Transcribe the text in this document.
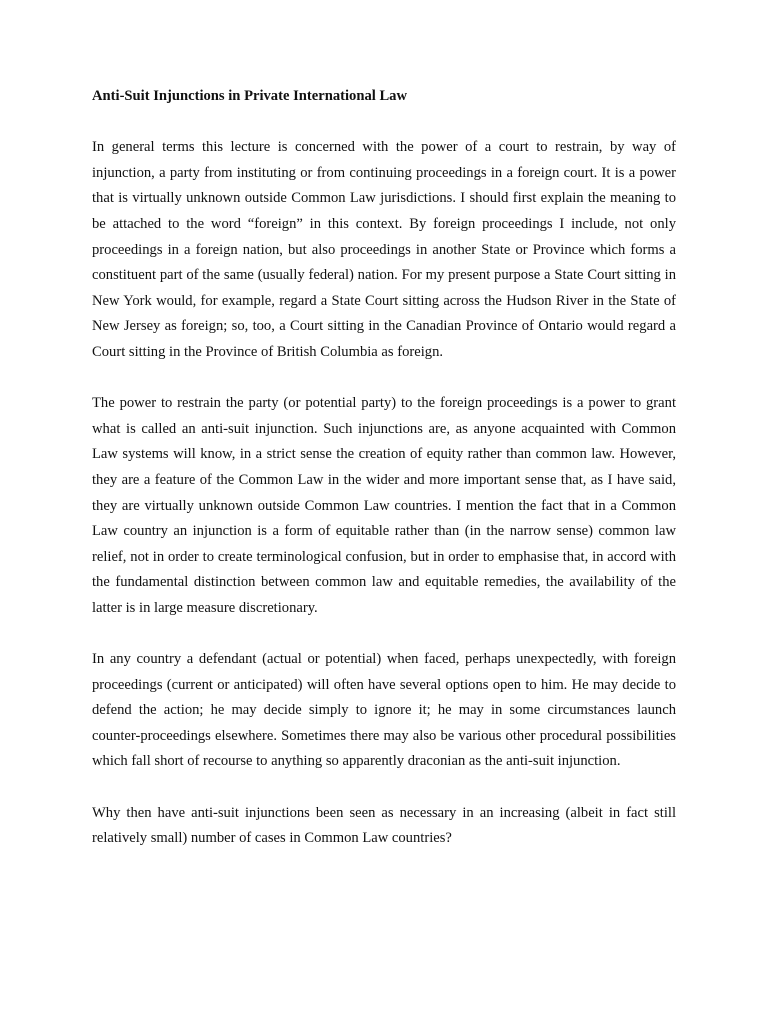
Anti-Suit Injunctions in Private International Law

In general terms this lecture is concerned with the power of a court to restrain, by way of injunction, a party from instituting or from continuing proceedings in a foreign court. It is a power that is virtually unknown outside Common Law jurisdictions. I should first explain the meaning to be attached to the word “foreign” in this context. By foreign proceedings I include, not only proceedings in a foreign nation, but also proceedings in another State or Province which forms a constituent part of the same (usually federal) nation. For my present purpose a State Court sitting in New York would, for example, regard a State Court sitting across the Hudson River in the State of New Jersey as foreign; so, too, a Court sitting in the Canadian Province of Ontario would regard a Court sitting in the Province of British Columbia as foreign.

The power to restrain the party (or potential party) to the foreign proceedings is a power to grant what is called an anti-suit injunction. Such injunctions are, as anyone acquainted with Common Law systems will know, in a strict sense the creation of equity rather than common law. However, they are a feature of the Common Law in the wider and more important sense that, as I have said, they are virtually unknown outside Common Law countries. I mention the fact that in a Common Law country an injunction is a form of equitable rather than (in the narrow sense) common law relief, not in order to create terminological confusion, but in order to emphasise that, in accord with the fundamental distinction between common law and equitable remedies, the availability of the latter is in large measure discretionary.

In any country a defendant (actual or potential) when faced, perhaps unexpectedly, with foreign proceedings (current or anticipated) will often have several options open to him. He may decide to defend the action; he may decide simply to ignore it; he may in some circumstances launch counter-proceedings elsewhere. Sometimes there may also be various other procedural possibilities which fall short of recourse to anything so apparently draconian as the anti-suit injunction.

Why then have anti-suit injunctions been seen as necessary in an increasing (albeit in fact still relatively small) number of cases in Common Law countries?
